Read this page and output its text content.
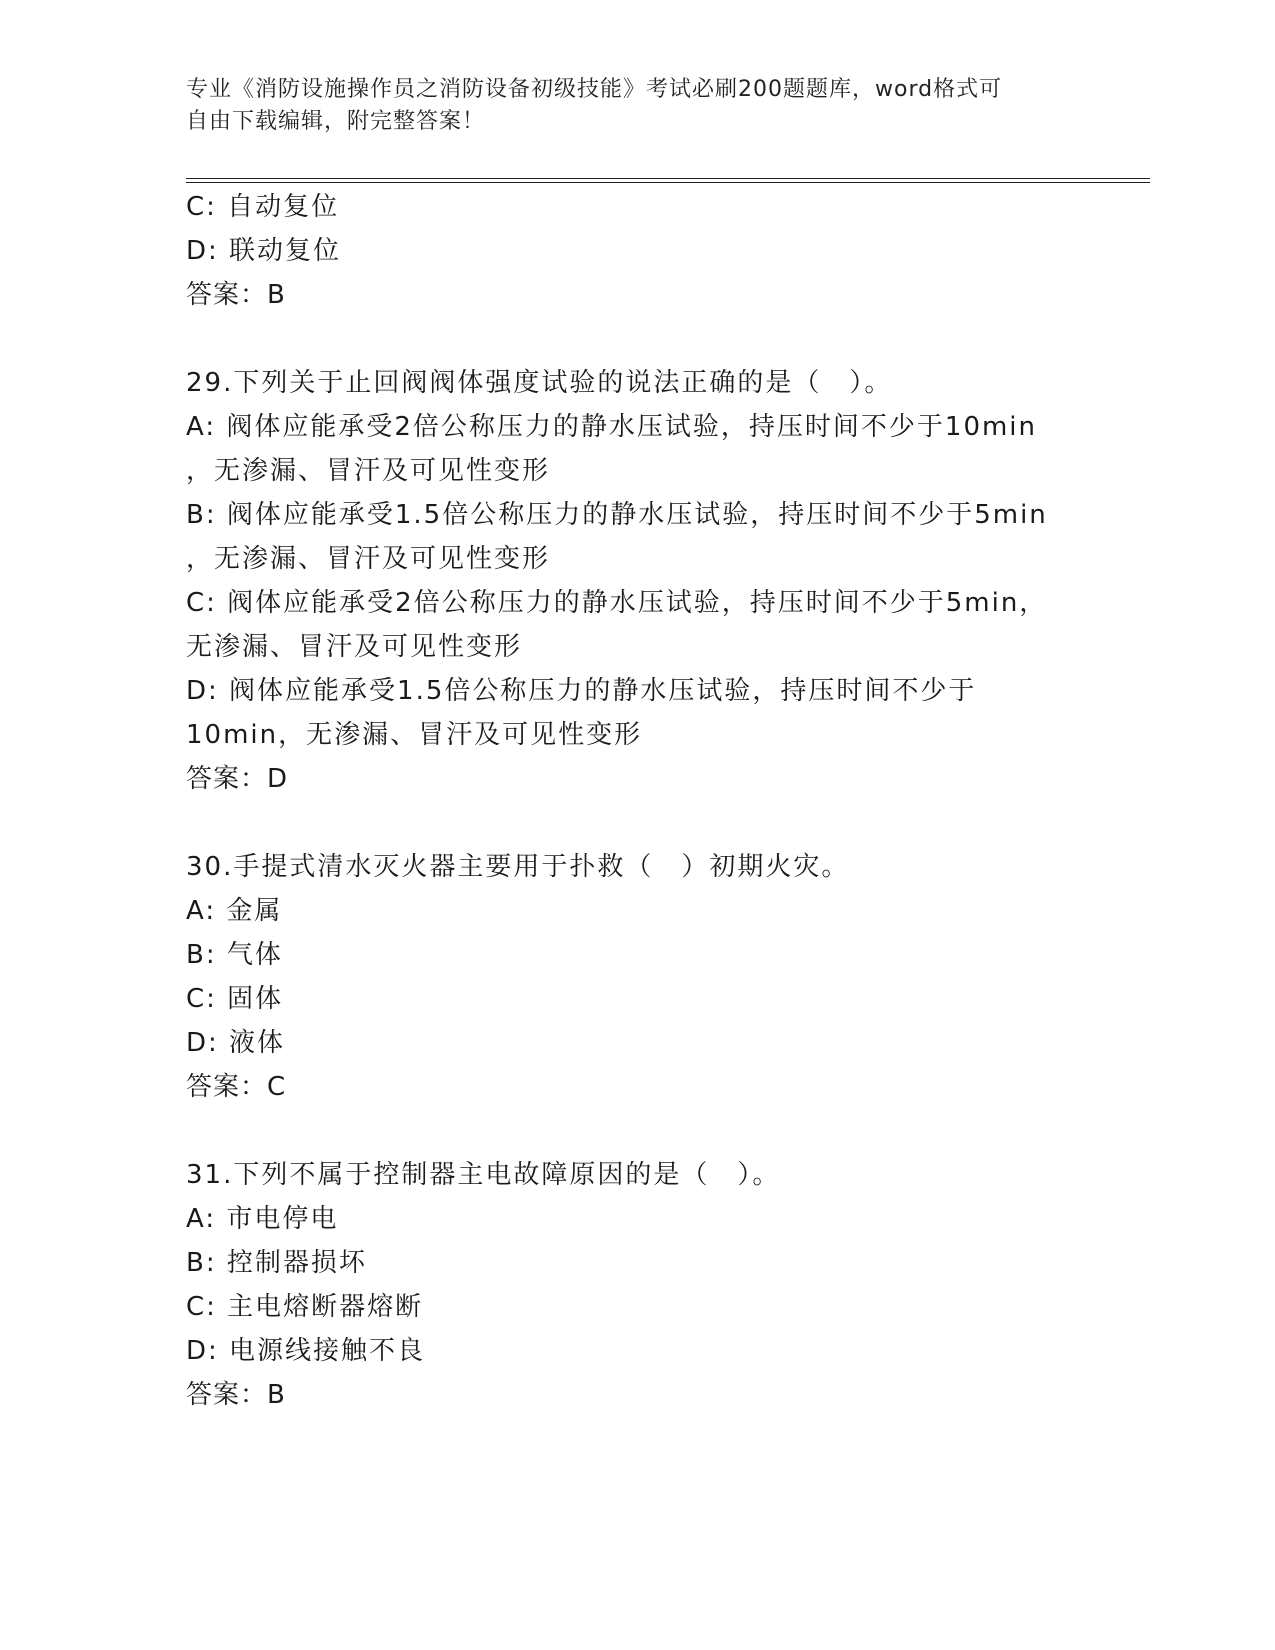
专业《消防设施操作员之消防设备初级技能》考试必刷200题题库，word格式可
自由下载编辑，附完整答案！
C: 自动复位
D: 联动复位
答案：B
29.下列关于止回阀阀体强度试验的说法正确的是（　）。
A: 阀体应能承受2倍公称压力的静水压试验，持压时间不少于10min
，无渗漏、冒汗及可见性变形
B: 阀体应能承受1.5倍公称压力的静水压试验，持压时间不少于5min
，无渗漏、冒汗及可见性变形
C: 阀体应能承受2倍公称压力的静水压试验，持压时间不少于5min，
无渗漏、冒汗及可见性变形
D: 阀体应能承受1.5倍公称压力的静水压试验，持压时间不少于
10min，无渗漏、冒汗及可见性变形
答案：D
30.手提式清水灭火器主要用于扑救（　）初期火灾。
A: 金属
B: 气体
C: 固体
D: 液体
答案：C
31.下列不属于控制器主电故障原因的是（　）。
A: 市电停电
B: 控制器损坏
C: 主电熔断器熔断
D: 电源线接触不良
答案：B
